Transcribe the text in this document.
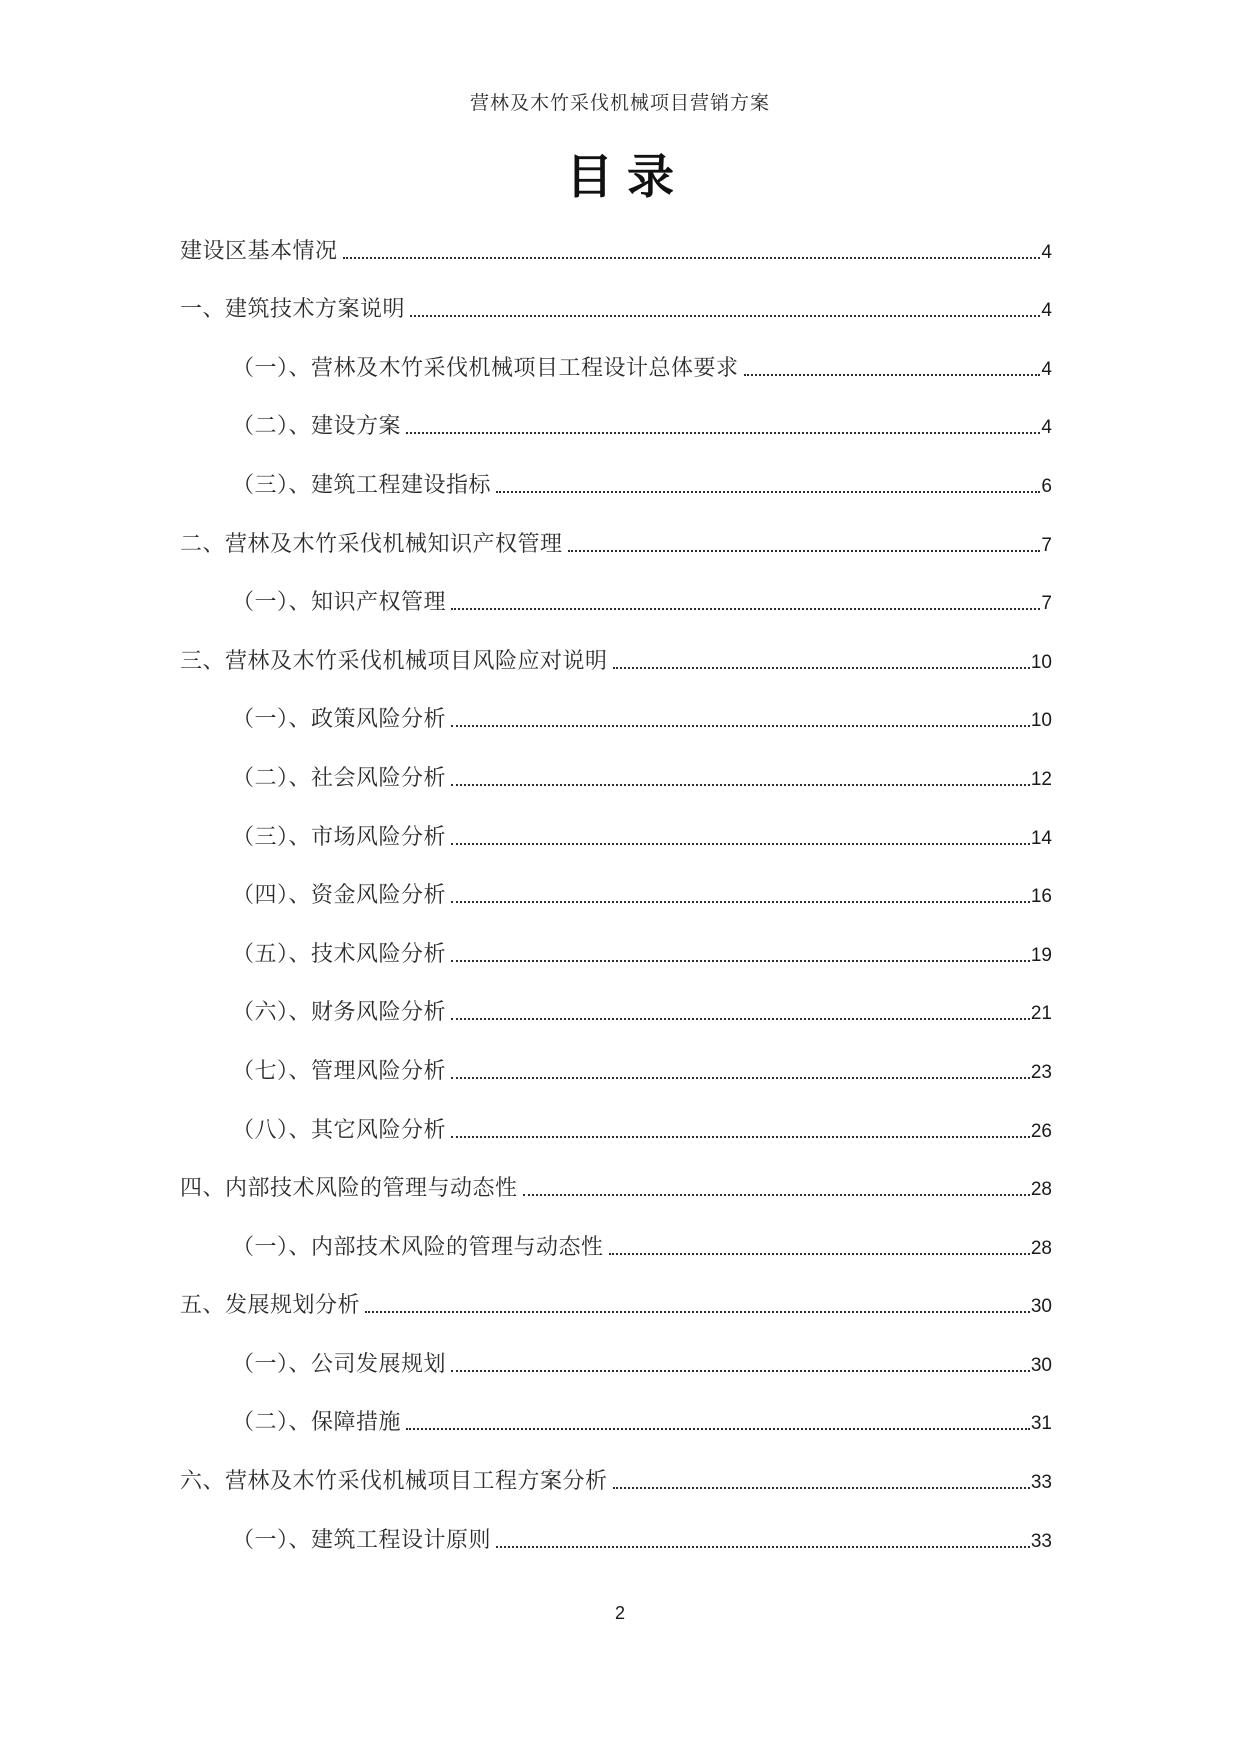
营林及木竹采伐机械项目营销方案
目录
建设区基本情况	4
一、建筑技术方案说明	4
（一）、营林及木竹采伐机械项目工程设计总体要求	4
（二）、建设方案	4
（三）、建筑工程建设指标	6
二、营林及木竹采伐机械知识产权管理	7
（一）、知识产权管理	7
三、营林及木竹采伐机械项目风险应对说明	10
（一）、政策风险分析	10
（二）、社会风险分析	12
（三）、市场风险分析	14
（四）、资金风险分析	16
（五）、技术风险分析	19
（六）、财务风险分析	21
（七）、管理风险分析	23
（八）、其它风险分析	26
四、内部技术风险的管理与动态性	28
（一）、内部技术风险的管理与动态性	28
五、发展规划分析	30
（一）、公司发展规划	30
（二）、保障措施	31
六、营林及木竹采伐机械项目工程方案分析	33
（一）、建筑工程设计原则	33
2
